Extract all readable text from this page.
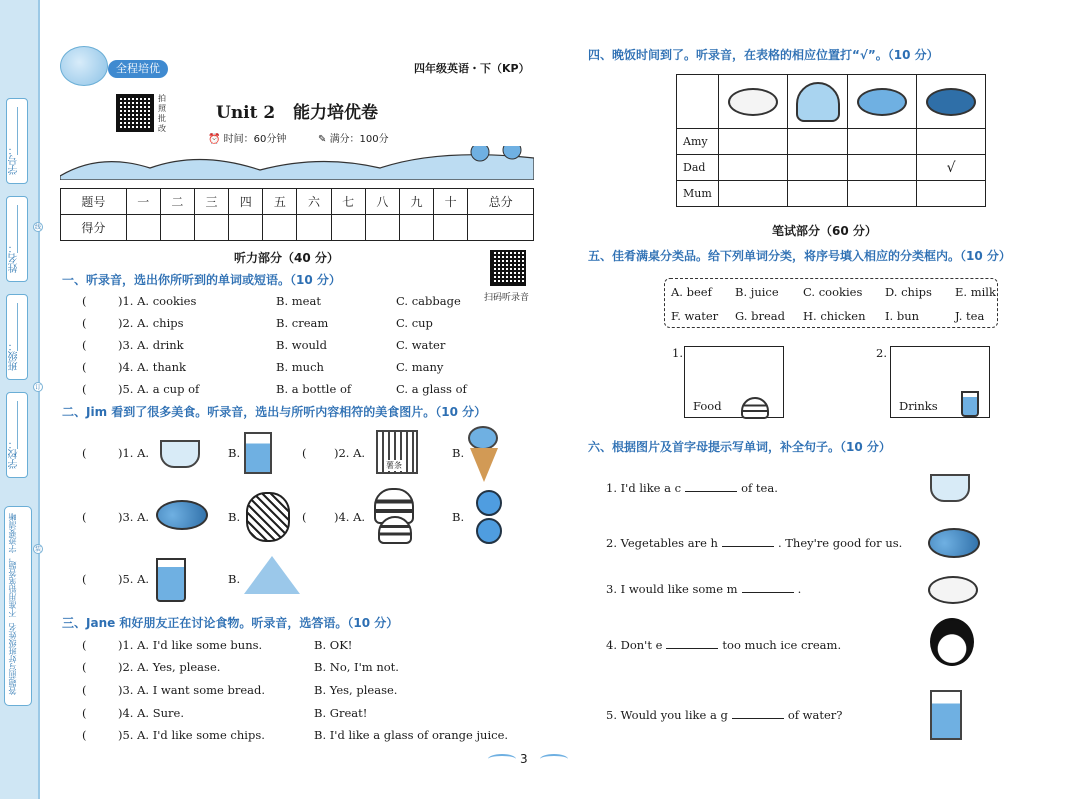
学号：
姓名：
班级：
学校：
线
订
装
不准用铅笔答题，字迹要清晰
答题前写好班级姓名
全程培优	四年级英语・下（KP）
拍照批改
Unit 2 能力培优卷
⏰ 时间：60分钟	✎ 满分：100分
题号	一	二	三	四	五	六	七	八	九	十	总分
得分											
听力部分（40 分）
扫码听录音
一、听录音，选出你所听到的单词或短语。（10 分）
(	)1. A. cookies	B. meat	C. cabbage
(	)2. A. chips	B. cream	C. cup
(	)3. A. drink	B. would	C. water
(	)4. A. thank	B. much	C. many
(	)5. A. a cup of	B. a bottle of	C. a glass of
二、Jim 看到了很多美食。听录音，选出与所听内容相符的美食图片。（10 分）
(	)1. A.	B.	( )2. A.
薯条
B.
(	)3. A.	B.	( )4. A.	B.
(	)5. A.	B.
三、Jane 和好朋友正在讨论食物。听录音，选答语。（10 分）
(	)1. A. I'd like some buns.	B. OK!
(	)2. A. Yes, please.	B. No, I'm not.
(	)3. A. I want some bread.	B. Yes, please.
(	)4. A. Sure.	B. Great!
(	)5. A. I'd like some chips.	B. I'd like a glass of orange juice.
四、晚饭时间到了。听录音，在表格的相应位置打“√”。（10 分）

Amy				
Dad				√
Mum				
笔试部分（60 分）
五、佳肴满桌分类品。给下列单词分类，将序号填入相应的分类框内。（10 分）
A. beef B. juice C. cookies D. chips E. milk
F. water G. bread H. chicken I. bun	J. tea
1.
Food
2.
Drinks
六、根据图片及首字母提示写单词，补全句子。（10 分）
1. I'd like a c	of tea.
2. Vegetables are h	. They're good for us.
3. I would like some m	.
4. Don't e	too much ice cream.
5. Would you like a g	of water?
3
